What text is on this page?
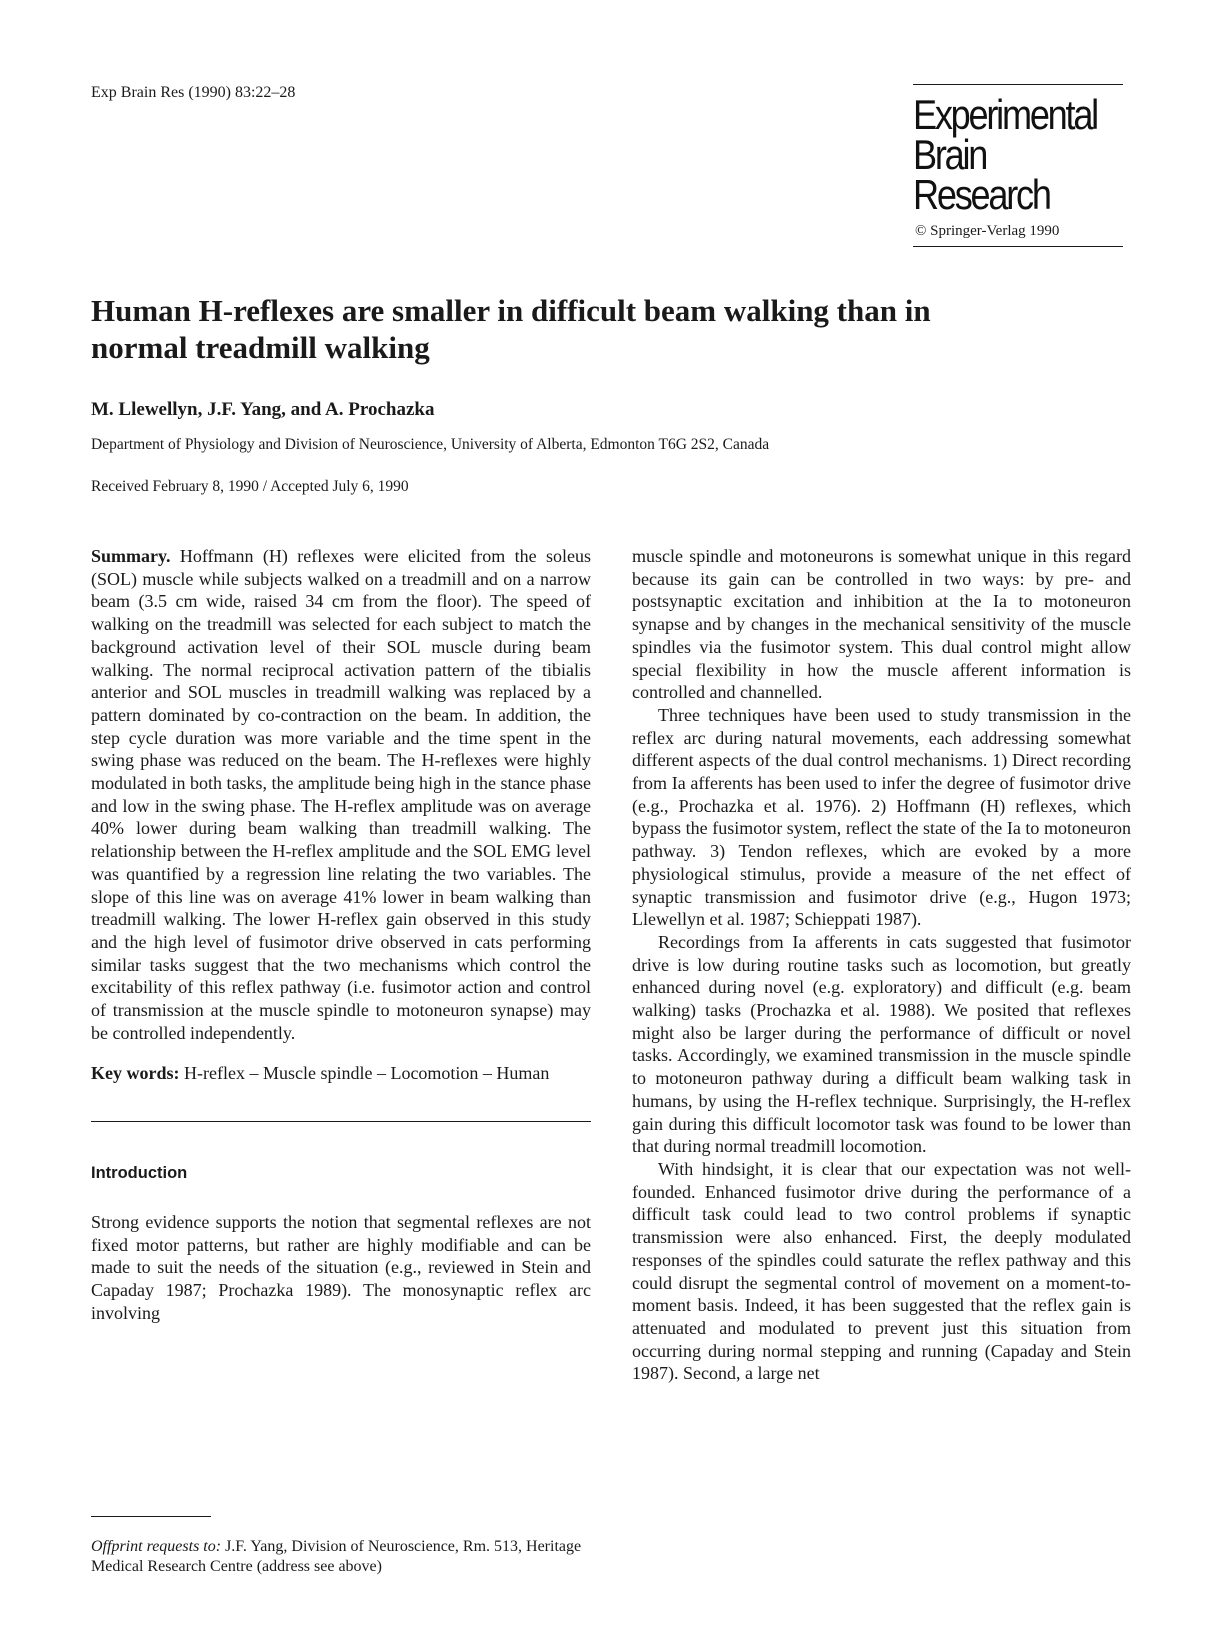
Exp Brain Res (1990) 83:22–28	Experimental
Brain Research
© Springer-Verlag 1990
Human H-reflexes are smaller in difficult beam walking than in normal treadmill walking
M. Llewellyn, J.F. Yang, and A. Prochazka
Department of Physiology and Division of Neuroscience, University of Alberta, Edmonton T6G 2S2, Canada
Received February 8, 1990 / Accepted July 6, 1990

Summary. Hoffmann (H) reflexes were elicited from the soleus (SOL) muscle while subjects walked on a treadmill and on a narrow beam (3.5 cm wide, raised 34 cm from the floor). The speed of walking on the treadmill was selected for each subject to match the background activation level of their SOL muscle during beam walking. The normal reciprocal activation pattern of the tibialis anterior and SOL muscles in treadmill walking was replaced by a pattern dominated by co-contraction on the beam. In addition, the step cycle duration was more variable and the time spent in the swing phase was reduced on the beam. The H-reflexes were highly modulated in both tasks, the amplitude being high in the stance phase and low in the swing phase. The H-reflex amplitude was on average 40% lower during beam walking than treadmill walking. The relationship between the H-reflex amplitude and the SOL EMG level was quantified by a regression line relating the two variables. The slope of this line was on average 41% lower in beam walking than treadmill walking. The lower H-reflex gain observed in this study and the high level of fusimotor drive observed in cats performing similar tasks suggest that the two mechanisms which control the excitability of this reflex pathway (i.e. fusimotor action and control of transmission at the muscle spindle to motoneuron synapse) may be controlled independently.

Key words: H-reflex – Muscle spindle – Locomotion – Human

Introduction

Strong evidence supports the notion that segmental reflexes are not fixed motor patterns, but rather are highly modifiable and can be made to suit the needs of the situation (e.g., reviewed in Stein and Capaday 1987; Prochazka 1989). The monosynaptic reflex arc involving

muscle spindle and motoneurons is somewhat unique in this regard because its gain can be controlled in two ways: by pre- and postsynaptic excitation and inhibition at the Ia to motoneuron synapse and by changes in the mechanical sensitivity of the muscle spindles via the fusimotor system. This dual control might allow special flexibility in how the muscle afferent information is controlled and channelled.

Three techniques have been used to study transmission in the reflex arc during natural movements, each addressing somewhat different aspects of the dual control mechanisms. 1) Direct recording from Ia afferents has been used to infer the degree of fusimotor drive (e.g., Prochazka et al. 1976). 2) Hoffmann (H) reflexes, which bypass the fusimotor system, reflect the state of the Ia to motoneuron pathway. 3) Tendon reflexes, which are evoked by a more physiological stimulus, provide a measure of the net effect of synaptic transmission and fusimotor drive (e.g., Hugon 1973; Llewellyn et al. 1987; Schieppati 1987).

Recordings from Ia afferents in cats suggested that fusimotor drive is low during routine tasks such as locomotion, but greatly enhanced during novel (e.g. exploratory) and difficult (e.g. beam walking) tasks (Prochazka et al. 1988). We posited that reflexes might also be larger during the performance of difficult or novel tasks. Accordingly, we examined transmission in the muscle spindle to motoneuron pathway during a difficult beam walking task in humans, by using the H-reflex technique. Surprisingly, the H-reflex gain during this difficult locomotor task was found to be lower than that during normal treadmill locomotion.

With hindsight, it is clear that our expectation was not well-founded. Enhanced fusimotor drive during the performance of a difficult task could lead to two control problems if synaptic transmission were also enhanced. First, the deeply modulated responses of the spindles could saturate the reflex pathway and this could disrupt the segmental control of movement on a moment-to-moment basis. Indeed, it has been suggested that the reflex gain is attenuated and modulated to prevent just this situation from occurring during normal stepping and running (Capaday and Stein 1987). Second, a large net

Offprint requests to: J.F. Yang, Division of Neuroscience, Rm. 513, Heritage Medical Research Centre (address see above)
